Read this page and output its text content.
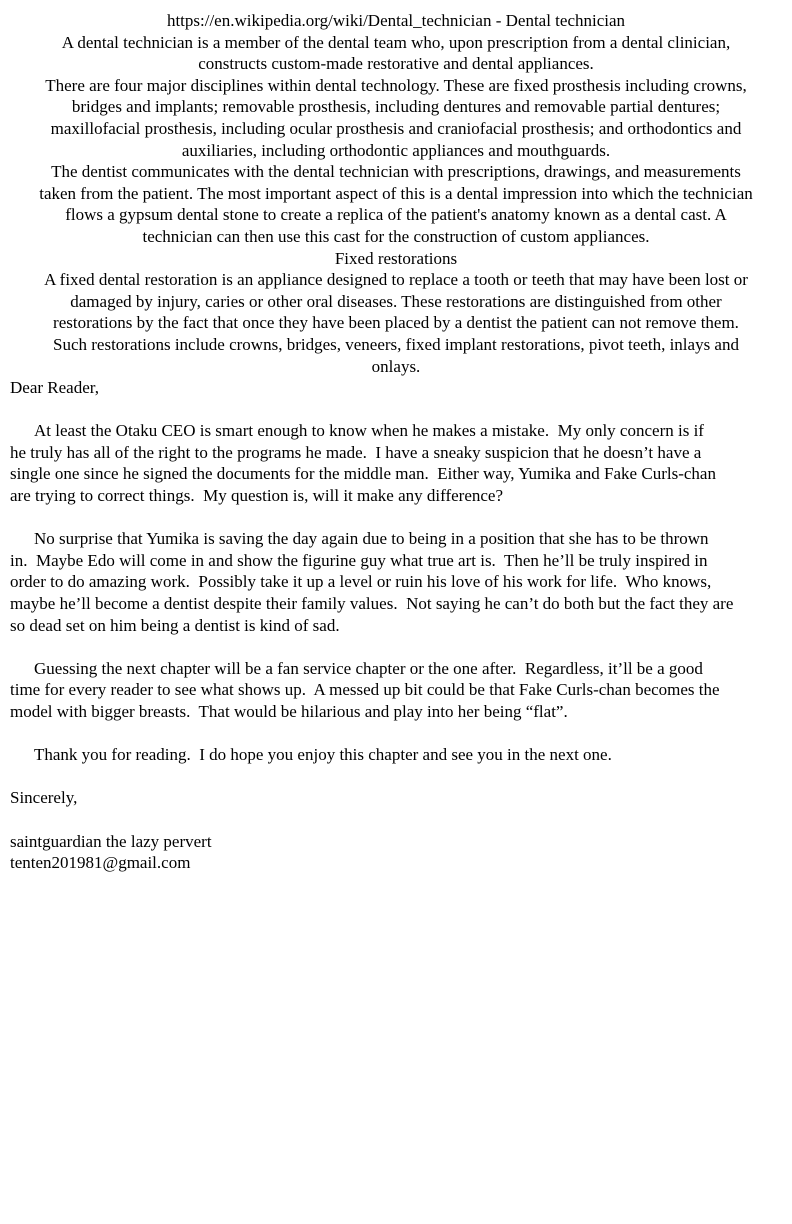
https://en.wikipedia.org/wiki/Dental_technician - Dental technician
A dental technician is a member of the dental team who, upon prescription from a dental clinician,
constructs custom-made restorative and dental appliances.
There are four major disciplines within dental technology. These are fixed prosthesis including crowns,
bridges and implants; removable prosthesis, including dentures and removable partial dentures;
maxillofacial prosthesis, including ocular prosthesis and craniofacial prosthesis; and orthodontics and
auxiliaries, including orthodontic appliances and mouthguards.
The dentist communicates with the dental technician with prescriptions, drawings, and measurements
taken from the patient. The most important aspect of this is a dental impression into which the technician
flows a gypsum dental stone to create a replica of the patient's anatomy known as a dental cast. A
technician can then use this cast for the construction of custom appliances.
Fixed restorations
A fixed dental restoration is an appliance designed to replace a tooth or teeth that may have been lost or
damaged by injury, caries or other oral diseases. These restorations are distinguished from other
restorations by the fact that once they have been placed by a dentist the patient can not remove them.
Such restorations include crowns, bridges, veneers, fixed implant restorations, pivot teeth, inlays and
onlays.
Dear Reader,
At least the Otaku CEO is smart enough to know when he makes a mistake.  My only concern is if
he truly has all of the right to the programs he made.  I have a sneaky suspicion that he doesn’t have a
single one since he signed the documents for the middle man.  Either way, Yumika and Fake Curls-chan
are trying to correct things.  My question is, will it make any difference?
No surprise that Yumika is saving the day again due to being in a position that she has to be thrown
in.  Maybe Edo will come in and show the figurine guy what true art is.  Then he’ll be truly inspired in
order to do amazing work.  Possibly take it up a level or ruin his love of his work for life.  Who knows,
maybe he’ll become a dentist despite their family values.  Not saying he can’t do both but the fact they are
so dead set on him being a dentist is kind of sad.
Guessing the next chapter will be a fan service chapter or the one after.  Regardless, it’ll be a good
time for every reader to see what shows up.  A messed up bit could be that Fake Curls-chan becomes the
model with bigger breasts.  That would be hilarious and play into her being “flat”.
Thank you for reading.  I do hope you enjoy this chapter and see you in the next one.
Sincerely,
saintguardian the lazy pervert
tenten201981@gmail.com
